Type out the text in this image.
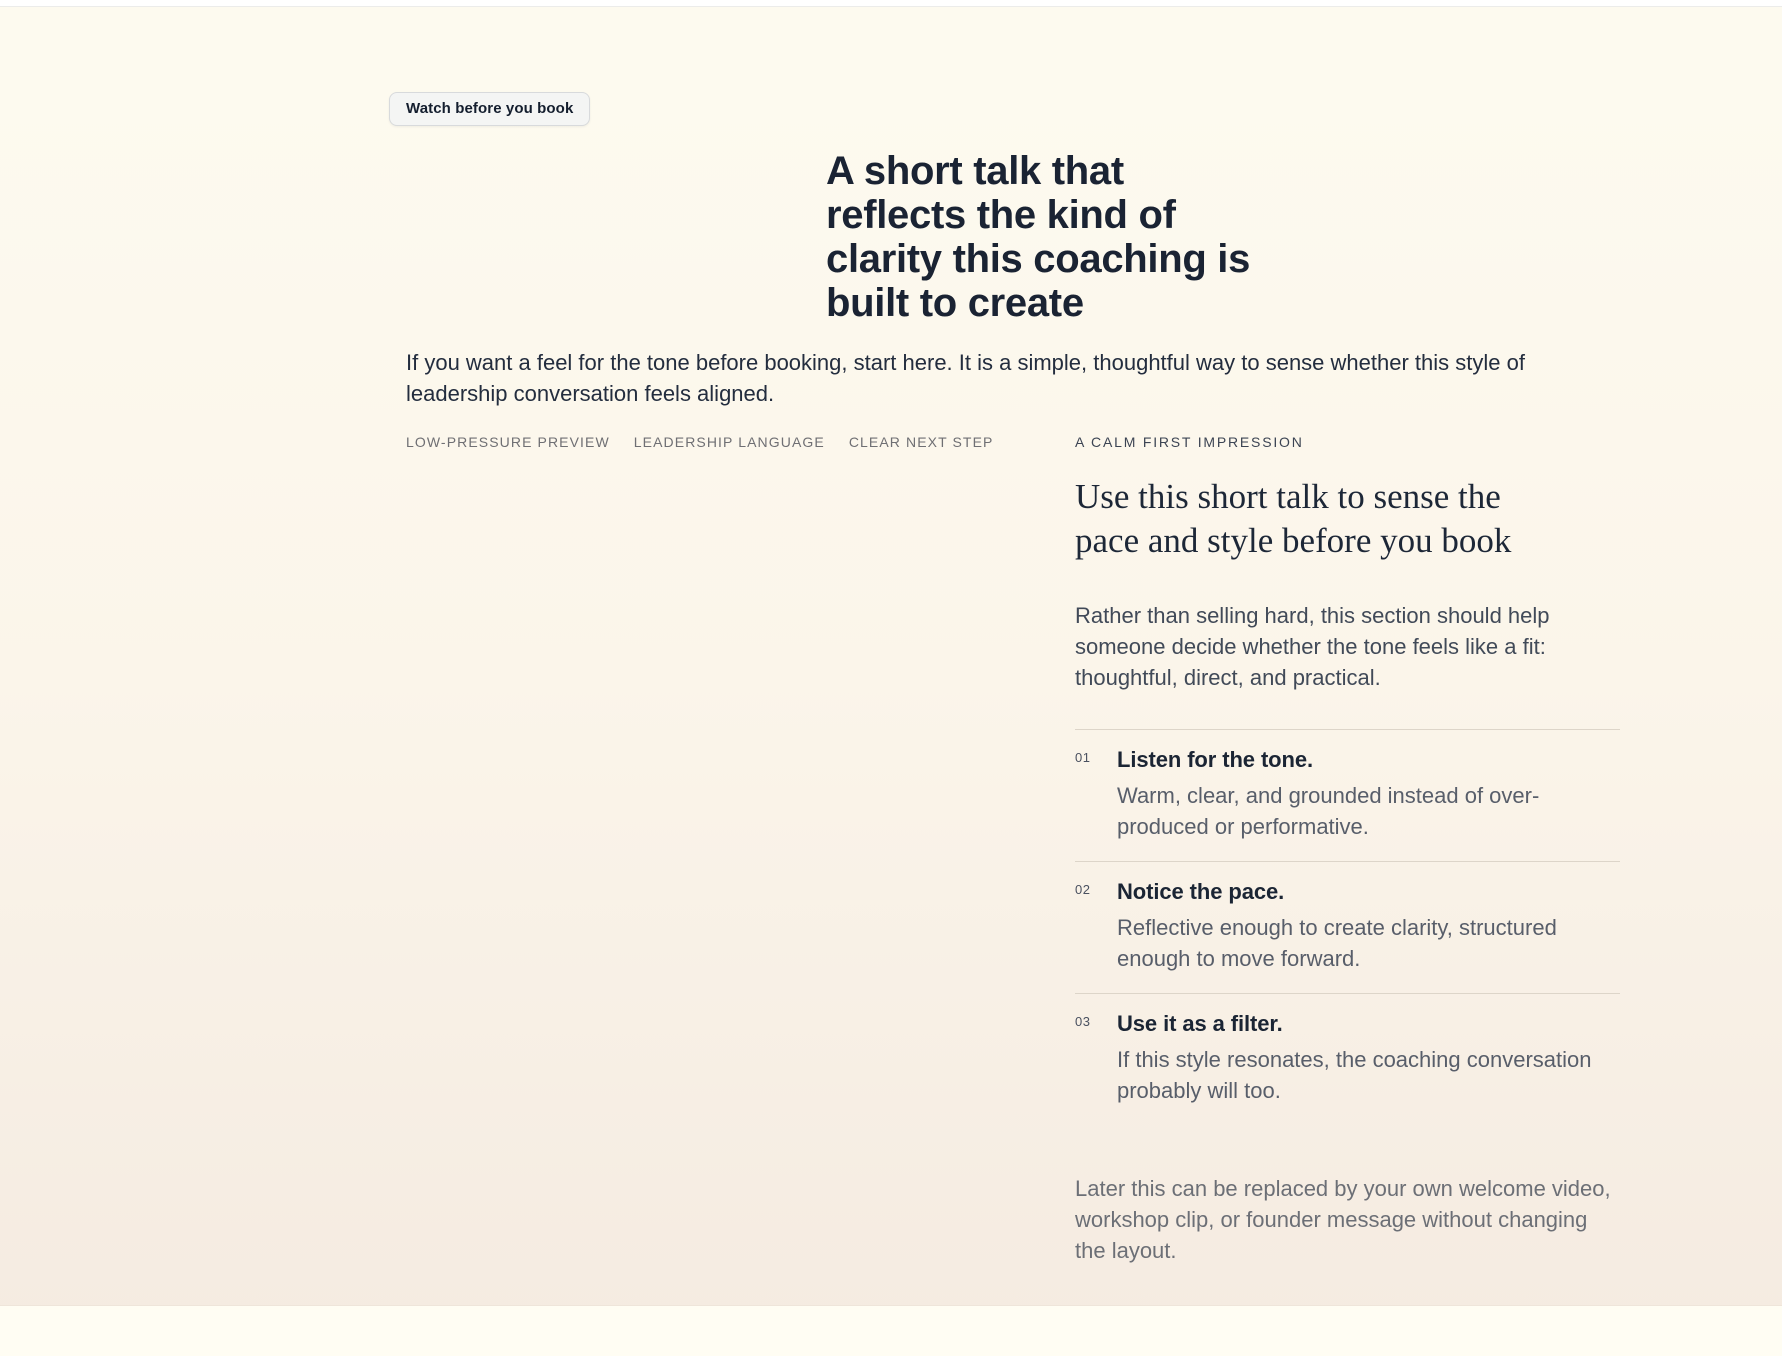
Watch before you book
A short talk that
reflects the kind of
clarity this coaching is
built to create

If you want a feel for the tone before booking, start here. It is a simple, thoughtful way to sense whether this style of leadership conversation feels aligned.

LOW-PRESSURE PREVIEW LEADERSHIP LANGUAGE CLEAR NEXT STEP	A CALM FIRST IMPRESSION
Use this short talk to sense the
pace and style before you book

Rather than selling hard, this section should help someone decide whether the tone feels like a fit: thoughtful, direct, and practical.

01	Listen for the tone.
Warm, clear, and grounded instead of over-produced or performative.
02	Notice the pace.
Reflective enough to create clarity, structured enough to move forward.
03	Use it as a filter.
If this style resonates, the coaching conversation probably will too.

Later this can be replaced by your own welcome video, workshop clip, or founder message without changing the layout.
